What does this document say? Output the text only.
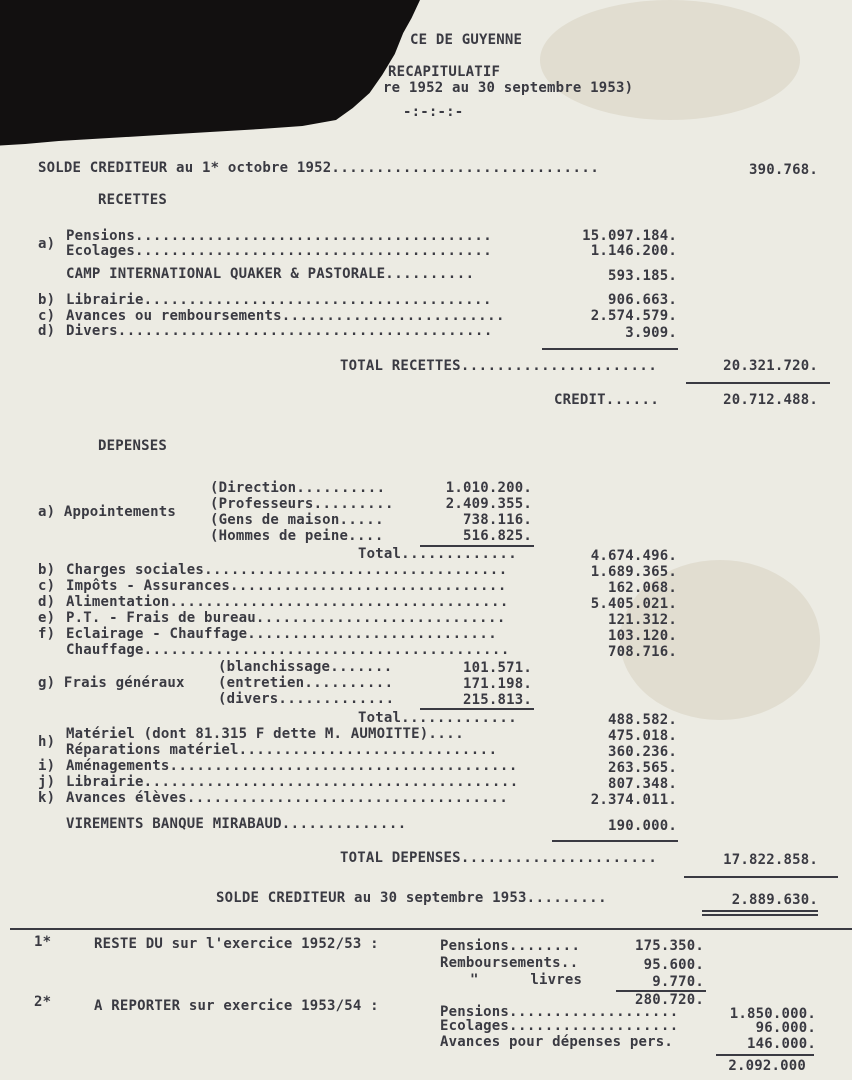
CE DE GUYENNE
RECAPITULATIF
re 1952 au 30 septembre 1953)
-:-:-:-
SOLDE CREDITEUR au 1* octobre 1952..............................	390.768.
RECETTES
a) Pensions........................................	15.097.184.
Ecolages........................................	1.146.200.
CAMP INTERNATIONAL QUAKER & PASTORALE..........	593.185.
b) Librairie.......................................	906.663.
c) Avances ou remboursements.........................	2.574.579.
d) Divers..........................................	3.909.
TOTAL RECETTES......................	20.321.720.
CREDIT......	20.712.488.
DEPENSES
a) Appointements
(Direction..........	1.010.200.
(Professeurs.........	2.409.355.
(Gens de maison.....	738.116.
(Hommes de peine....	516.825.
Total.............	4.674.496.
b) Charges sociales..................................	1.689.365.
c) Impôts - Assurances...............................	162.068.
d) Alimentation......................................	5.405.021.
e) P.T. - Frais de bureau............................	121.312.
f) Eclairage - Chauffage............................	103.120.
Chauffage.........................................	708.716.
g) Frais généraux
(blanchissage.......	101.571.
(entretien..........	171.198.
(divers.............	215.813.
Total.............	488.582.
h) Matériel (dont 81.315 F dette M. AUMOITTE)....	475.018.
Réparations matériel.............................	360.236.
i) Aménagements.......................................	263.565.
j) Librairie..........................................	807.348.
k) Avances élèves....................................	2.374.011.
VIREMENTS BANQUE MIRABAUD..............	190.000.
TOTAL DEPENSES......................	17.822.858.
SOLDE CREDITEUR au 30 septembre 1953.........	2.889.630.
1*	RESTE DU sur l'exercice 1952/53 :	Pensions........	175.350.
Remboursements..	95.600.
"      livres	9.770.
280.720.
2*	A REPORTER sur exercice 1953/54 :	Pensions...................	1.850.000.
Ecolages...................	96.000.
Avances pour dépenses pers.	146.000.
2.092.000
